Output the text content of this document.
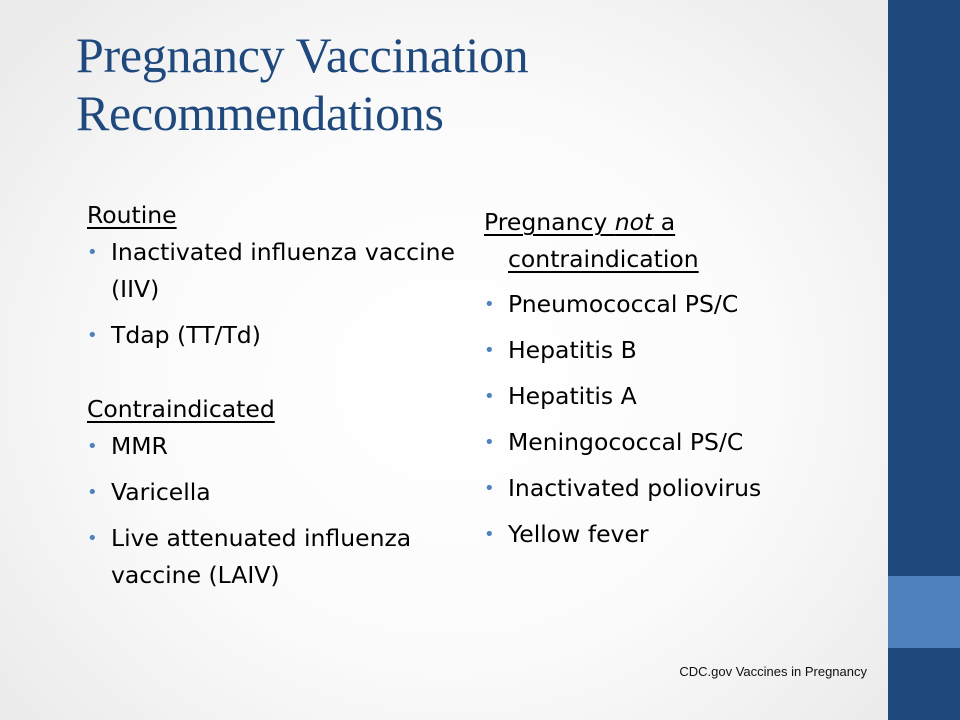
Pregnancy Vaccination
Recommendations
Routine
• Inactivated influenza vaccine (IIV)
• Tdap (TT/Td)
Contraindicated
• MMR
• Varicella
• Live attenuated influenza vaccine (LAIV)
Pregnancy not a contraindication
• Pneumococcal PS/C
• Hepatitis B
• Hepatitis A
• Meningococcal PS/C
• Inactivated poliovirus
• Yellow fever
CDC.gov Vaccines in Pregnancy
